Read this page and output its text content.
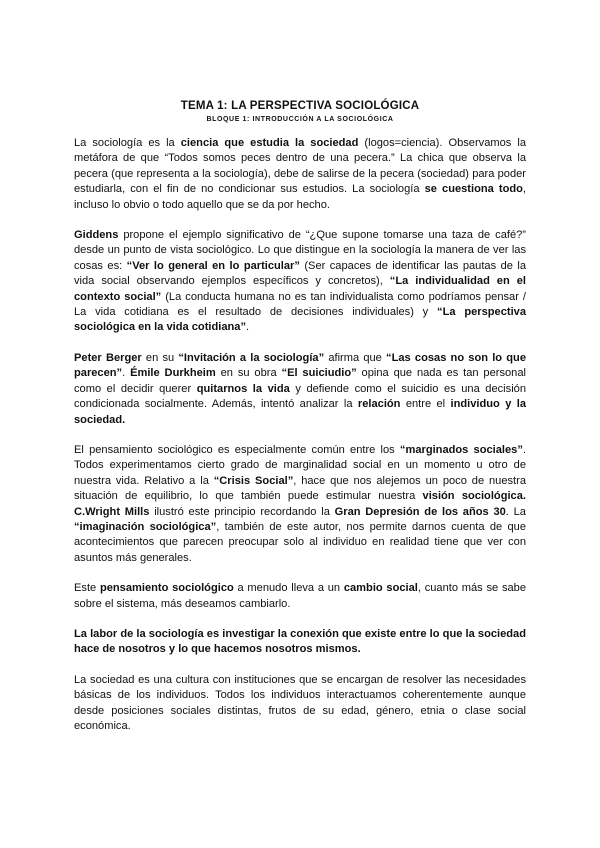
TEMA 1: LA PERSPECTIVA SOCIOLÓGICA
BLOQUE 1: INTRODUCCIÓN A LA SOCIOLÓGICA

La sociología es la ciencia que estudia la sociedad (logos=ciencia). Observamos la metáfora de que “Todos somos peces dentro de una pecera.” La chica que observa la pecera (que representa a la sociología), debe de salirse de la pecera (sociedad) para poder estudiarla, con el fin de no condicionar sus estudios. La sociología se cuestiona todo, incluso lo obvio o todo aquello que se da por hecho.

Giddens propone el ejemplo significativo de “¿Que supone tomarse una taza de café?” desde un punto de vista sociológico. Lo que distingue en la sociología la manera de ver las cosas es: “Ver lo general en lo particular” (Ser capaces de identificar las pautas de la vida social observando ejemplos específicos y concretos), “La individualidad en el contexto social” (La conducta humana no es tan individualista como podríamos pensar / La vida cotidiana es el resultado de decisiones individuales) y “La perspectiva sociológica en la vida cotidiana”.

Peter Berger en su “Invitación a la sociología” afirma que “Las cosas no son lo que parecen”. Émile Durkheim en su obra “El suiciudio” opina que nada es tan personal como el decidir querer quitarnos la vida y defiende como el suicidio es una decisión condicionada socialmente. Además, intentó analizar la relación entre el individuo y la sociedad.

El pensamiento sociológico es especialmente común entre los “marginados sociales”. Todos experimentamos cierto grado de marginalidad social en un momento u otro de nuestra vida. Relativo a la “Crisis Social”, hace que nos alejemos un poco de nuestra situación de equilibrio, lo que también puede estimular nuestra visión sociológica. C.Wright Mills ilustró este principio recordando la Gran Depresión de los años 30. La “imaginación sociológica”, también de este autor, nos permite darnos cuenta de que acontecimientos que parecen preocupar solo al individuo en realidad tiene que ver con asuntos más generales.

Este pensamiento sociológico a menudo lleva a un cambio social, cuanto más se sabe sobre el sistema, más deseamos cambiarlo.

La labor de la sociología es investigar la conexión que existe entre lo que la sociedad hace de nosotros y lo que hacemos nosotros mismos.

La sociedad es una cultura con instituciones que se encargan de resolver las necesidades básicas de los individuos. Todos los individuos interactuamos coherentemente aunque desde posiciones sociales distintas, frutos de su edad, género, etnia o clase social económica.
